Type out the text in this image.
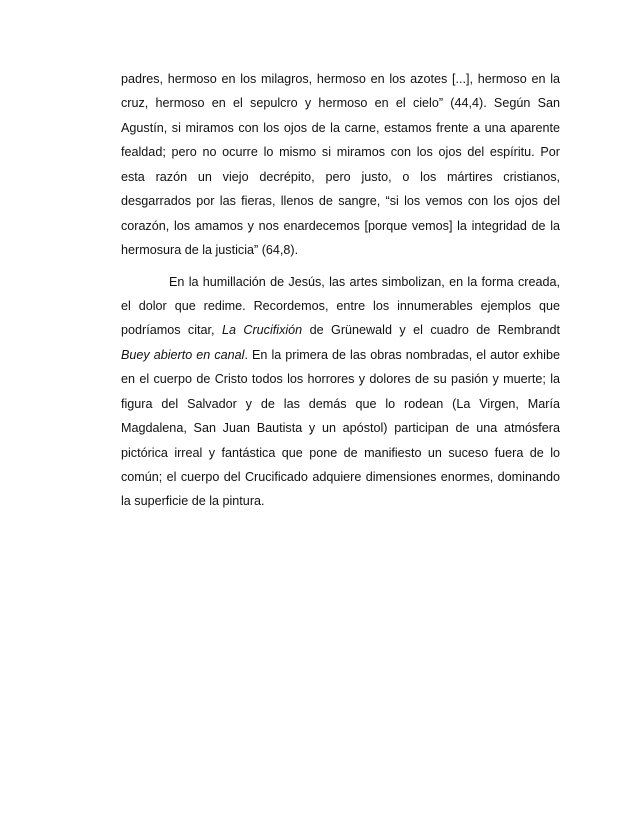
padres, hermoso en los milagros, hermoso en los azotes [...], hermoso en la
cruz, hermoso en el sepulcro y hermoso en el cielo” (44,4). Según San
Agustín, si miramos con los ojos de la carne, estamos frente a una aparente
fealdad; pero no ocurre lo mismo si miramos con los ojos del espíritu. Por
esta razón un viejo decrépito, pero justo, o los mártires cristianos,
desgarrados por las fieras, llenos de sangre, “si los vemos con los ojos del
corazón, los amamos y nos enardecemos [porque vemos] la integridad de la
hermosura de la justicia” (64,8).
En la humillación de Jesús, las artes simbolizan, en la forma creada,
el dolor que redime. Recordemos, entre los innumerables ejemplos que
podríamos citar, La Crucifixión de Grünewald y el cuadro de Rembrandt
Buey abierto en canal. En la primera de las obras nombradas, el autor exhibe
en el cuerpo de Cristo todos los horrores y dolores de su pasión y muerte; la
figura del Salvador y de las demás que lo rodean (La Virgen, María
Magdalena, San Juan Bautista y un apóstol) participan de una atmósfera
pictórica irreal y fantástica que pone de manifiesto un suceso fuera de lo
común; el cuerpo del Crucificado adquiere dimensiones enormes, dominando
la superficie de la pintura.
